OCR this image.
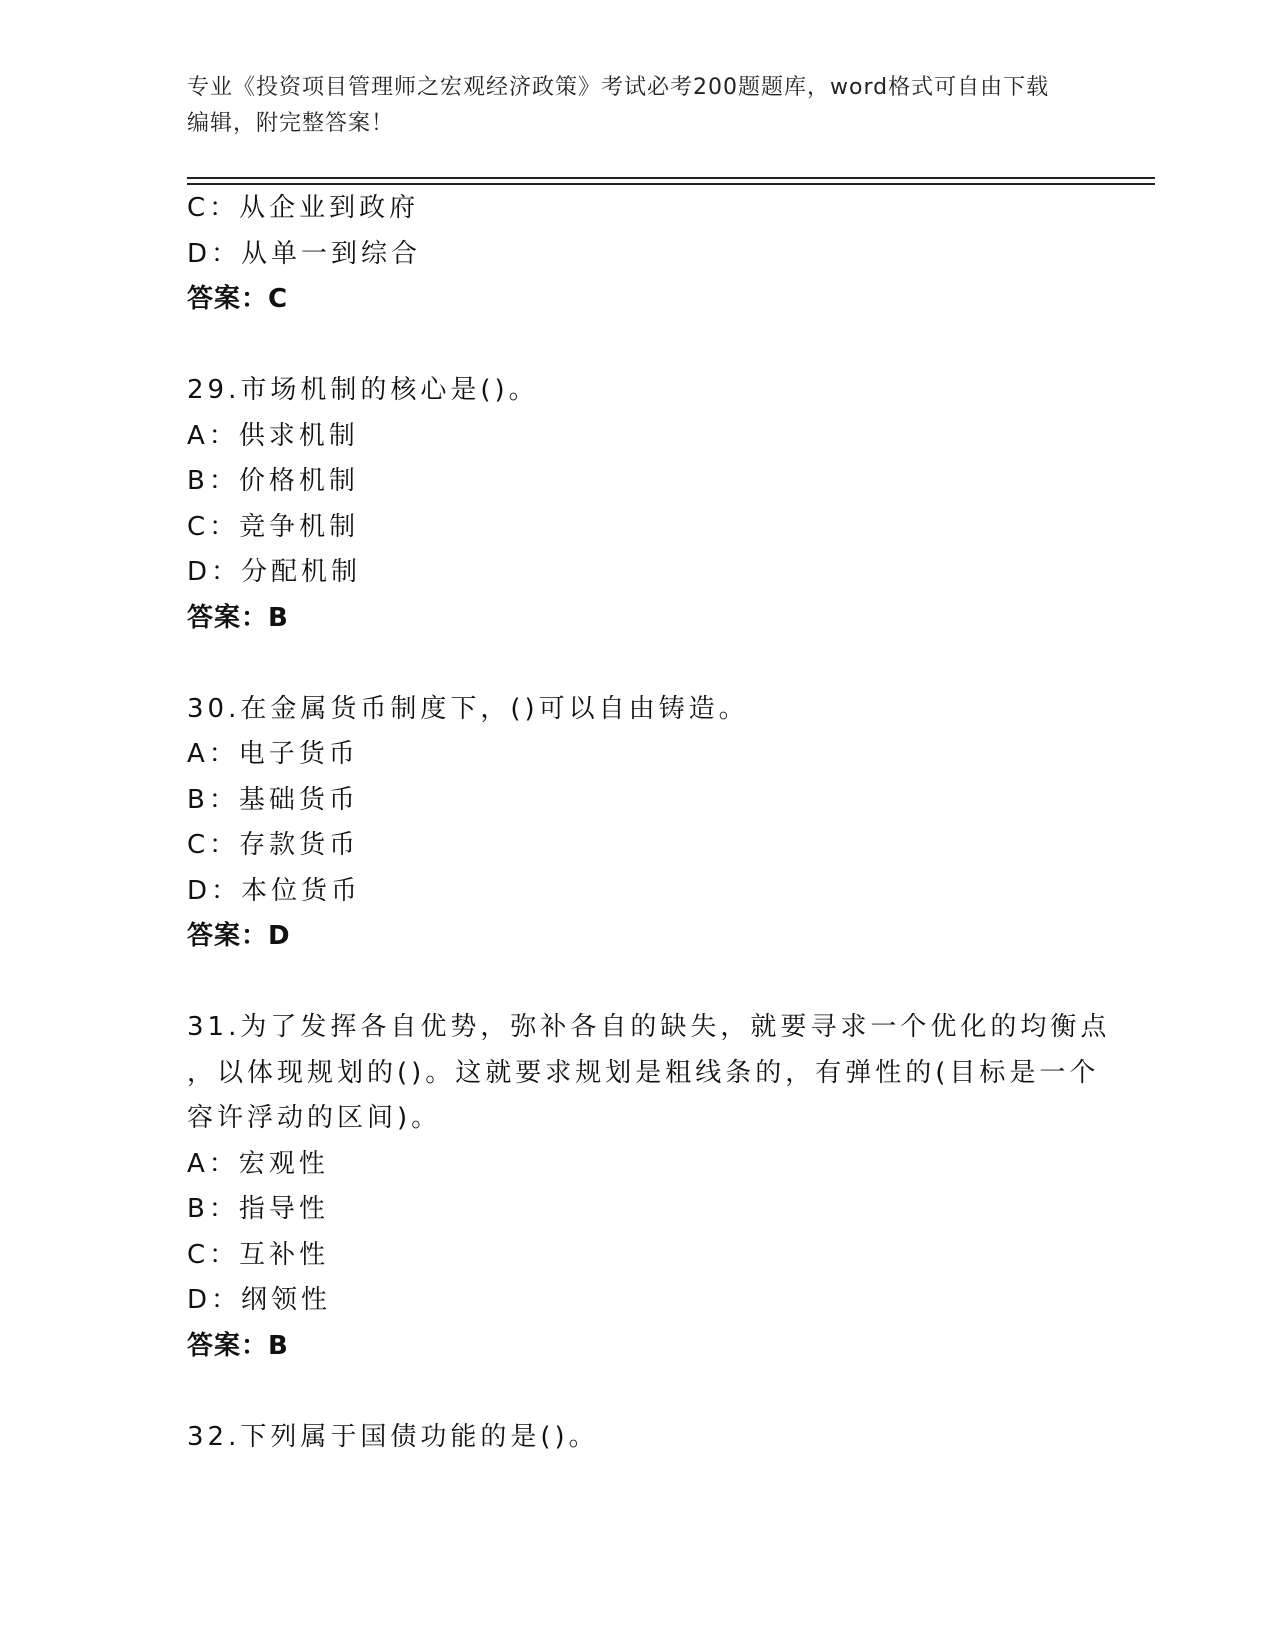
专业《投资项目管理师之宏观经济政策》考试必考200题题库，word格式可自由下载编辑，附完整答案！
C：从企业到政府
D：从单一到综合
答案：C
29.市场机制的核心是()。
A：供求机制
B：价格机制
C：竞争机制
D：分配机制
答案：B
30.在金属货币制度下，()可以自由铸造。
A：电子货币
B：基础货币
C：存款货币
D：本位货币
答案：D
31.为了发挥各自优势，弥补各自的缺失，就要寻求一个优化的均衡点
，以体现规划的()。这就要求规划是粗线条的，有弹性的(目标是一个
容许浮动的区间)。
A：宏观性
B：指导性
C：互补性
D：纲领性
答案：B
32.下列属于国债功能的是()。
